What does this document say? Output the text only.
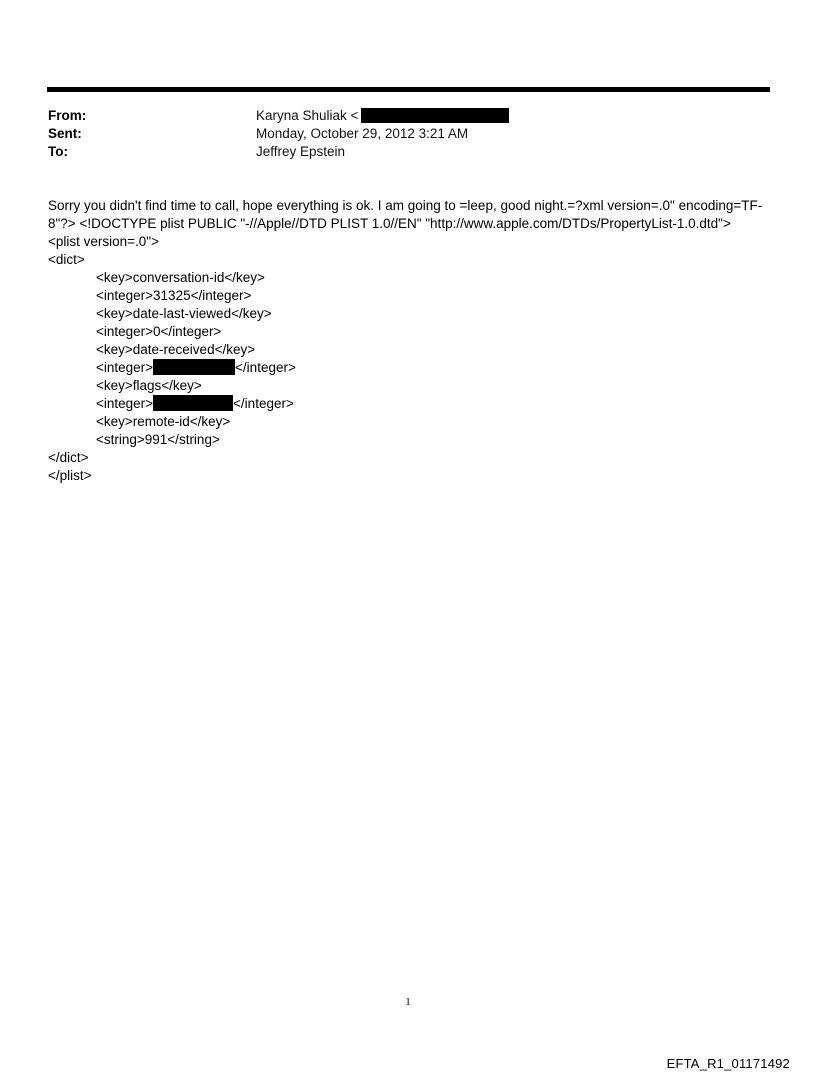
From:	Karyna Shuliak <
Sent:	Monday, October 29, 2012 3:21 AM
To:	Jeffrey Epstein
Sorry you didn't find time to call, hope everything is ok. I am going to =leep, good night.=?xml version=.0" encoding=TF-
8"?> <!DOCTYPE plist PUBLIC "-//Apple//DTD PLIST 1.0//EN" "http://www.apple.com/DTDs/PropertyList-1.0.dtd">
<plist version=.0">
<dict>
<key>conversation-id</key>
<integer>31325</integer>
<key>date-last-viewed</key>
<integer>0</integer>
<key>date-received</key>
<integer>	</integer>
<key>flags</key>
<integer>	</integer>
<key>remote-id</key>
<string>991</string>
</dict>
</plist>
1
EFTA_R1_01171492
